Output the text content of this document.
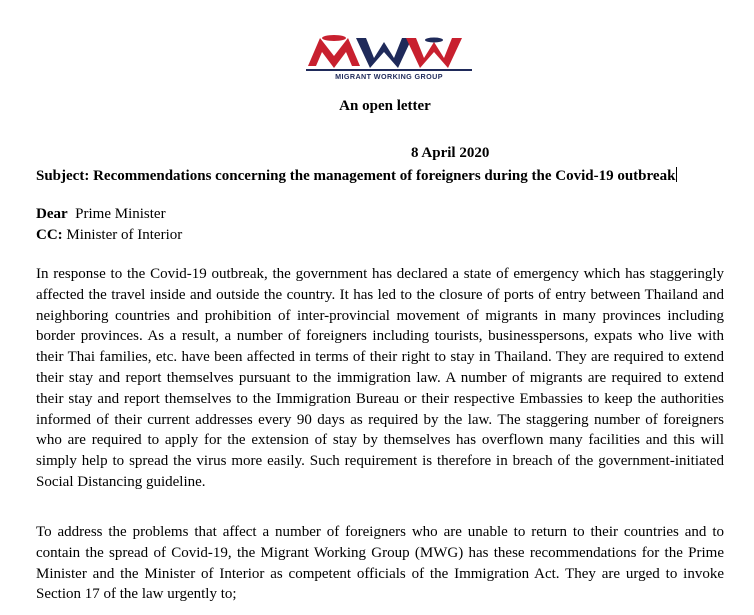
MIGRANT WORKING GROUP
An open letter
8 April 2020
Subject: Recommendations concerning the management of foreigners during the Covid-19 outbreak
Dear Prime Minister
CC: Minister of Interior
In response to the Covid-19 outbreak, the government has declared a state of emergency which has staggeringly affected the travel inside and outside the country. It has led to the closure of ports of entry between Thailand and neighboring countries and prohibition of inter-provincial movement of migrants in many provinces including border provinces. As a result, a number of foreigners including tourists, businesspersons, expats who live with their Thai families, etc. have been affected in terms of their right to stay in Thailand. They are required to extend their stay and report themselves pursuant to the immigration law. A number of migrants are required to extend their stay and report themselves to the Immigration Bureau or their respective Embassies to keep the authorities informed of their current addresses every 90 days as required by the law. The staggering number of foreigners who are required to apply for the extension of stay by themselves has overflown many facilities and this will simply help to spread the virus more easily. Such requirement is therefore in breach of the government-initiated Social Distancing guideline.
To address the problems that affect a number of foreigners who are unable to return to their countries and to contain the spread of Covid-19, the Migrant Working Group (MWG) has these recommendations for the Prime Minister and the Minister of Interior as competent officials of the Immigration Act. They are urged to invoke Section 17 of the law urgently to;
